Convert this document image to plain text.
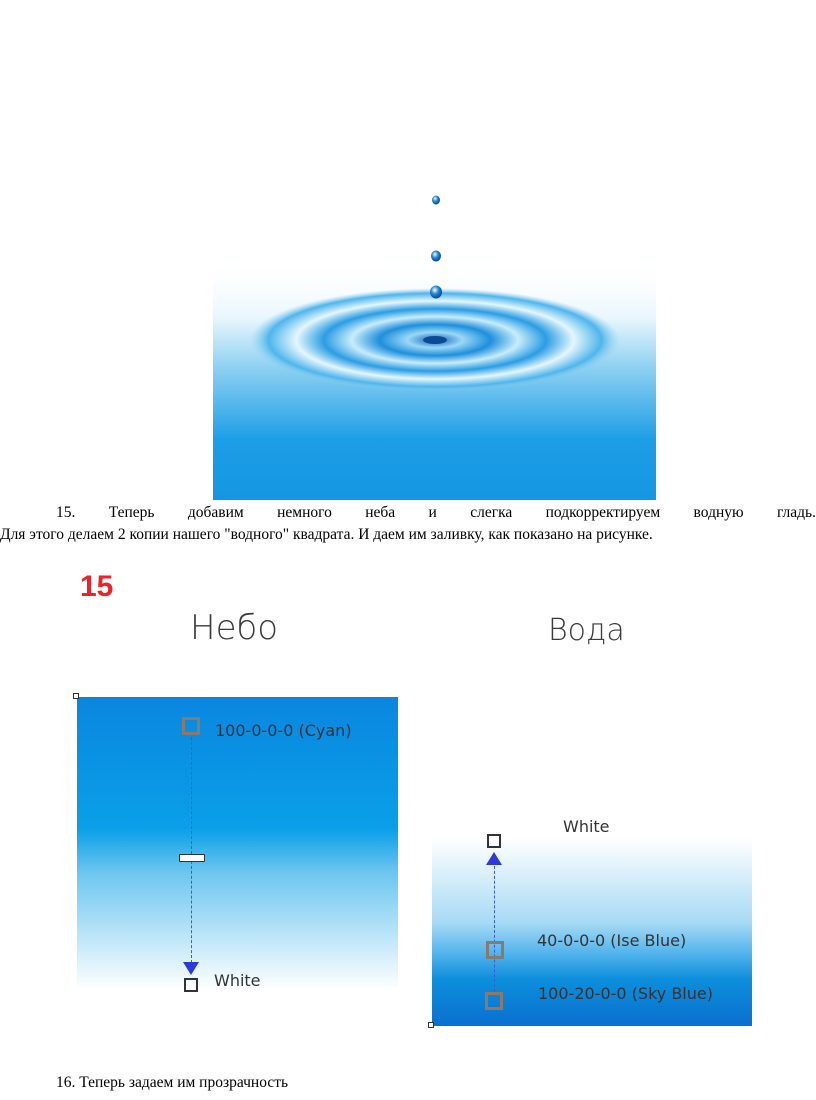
15. Теперь добавим немного неба и слегка подкорректируем водную гладь.
Для этого делаем 2 копии нашего "водного" квадрата. И даем им заливку, как показано на рисунке.
15
Небо	Вода
100-0-0-0 (Cyan)
White
White
40-0-0-0 (Ise Blue)
100-20-0-0 (Sky Blue)
16. Теперь задаем им прозрачность
